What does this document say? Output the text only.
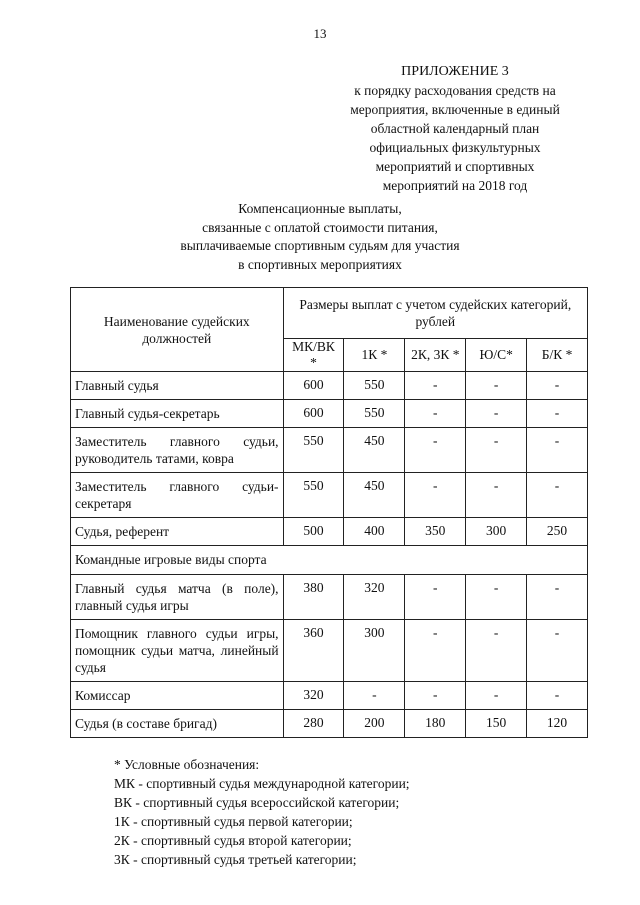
13
ПРИЛОЖЕНИЕ 3
к порядку расходования средств на
мероприятия, включенные в единый
областной календарный план
официальных физкультурных
мероприятий и спортивных
мероприятий на 2018 год
Компенсационные выплаты,
связанные с оплатой стоимости питания,
выплачиваемые спортивным судьям для участия
в спортивных мероприятиях
Наименование судейских должностей	Размеры выплат с учетом судейских категорий, рублей				
	МК/ВК *	1К *	2К, 3К *	Ю/С*	Б/К *
Главный судья	600	550	-	-	-
Главный судья-секретарь	600	550	-	-	-
Заместитель главного судьи, руководитель татами, ковра	550	450	-	-	-
Заместитель главного судьи-секретаря	550	450	-	-	-
Судья, референт	500	400	350	300	250
Командные игровые виды спорта					
Главный судья матча (в поле), главный судья игры	380	320	-	-	-
Помощник главного судьи игры, помощник судьи матча, линейный судья	360	300	-	-	-
Комиссар	320	-	-	-	-
Судья (в составе бригад)	280	200	180	150	120
* Условные обозначения:
МК - спортивный судья международной категории;
ВК - спортивный судья всероссийской категории;
1К - спортивный судья первой категории;
2К - спортивный судья второй категории;
3К - спортивный судья третьей категории;
